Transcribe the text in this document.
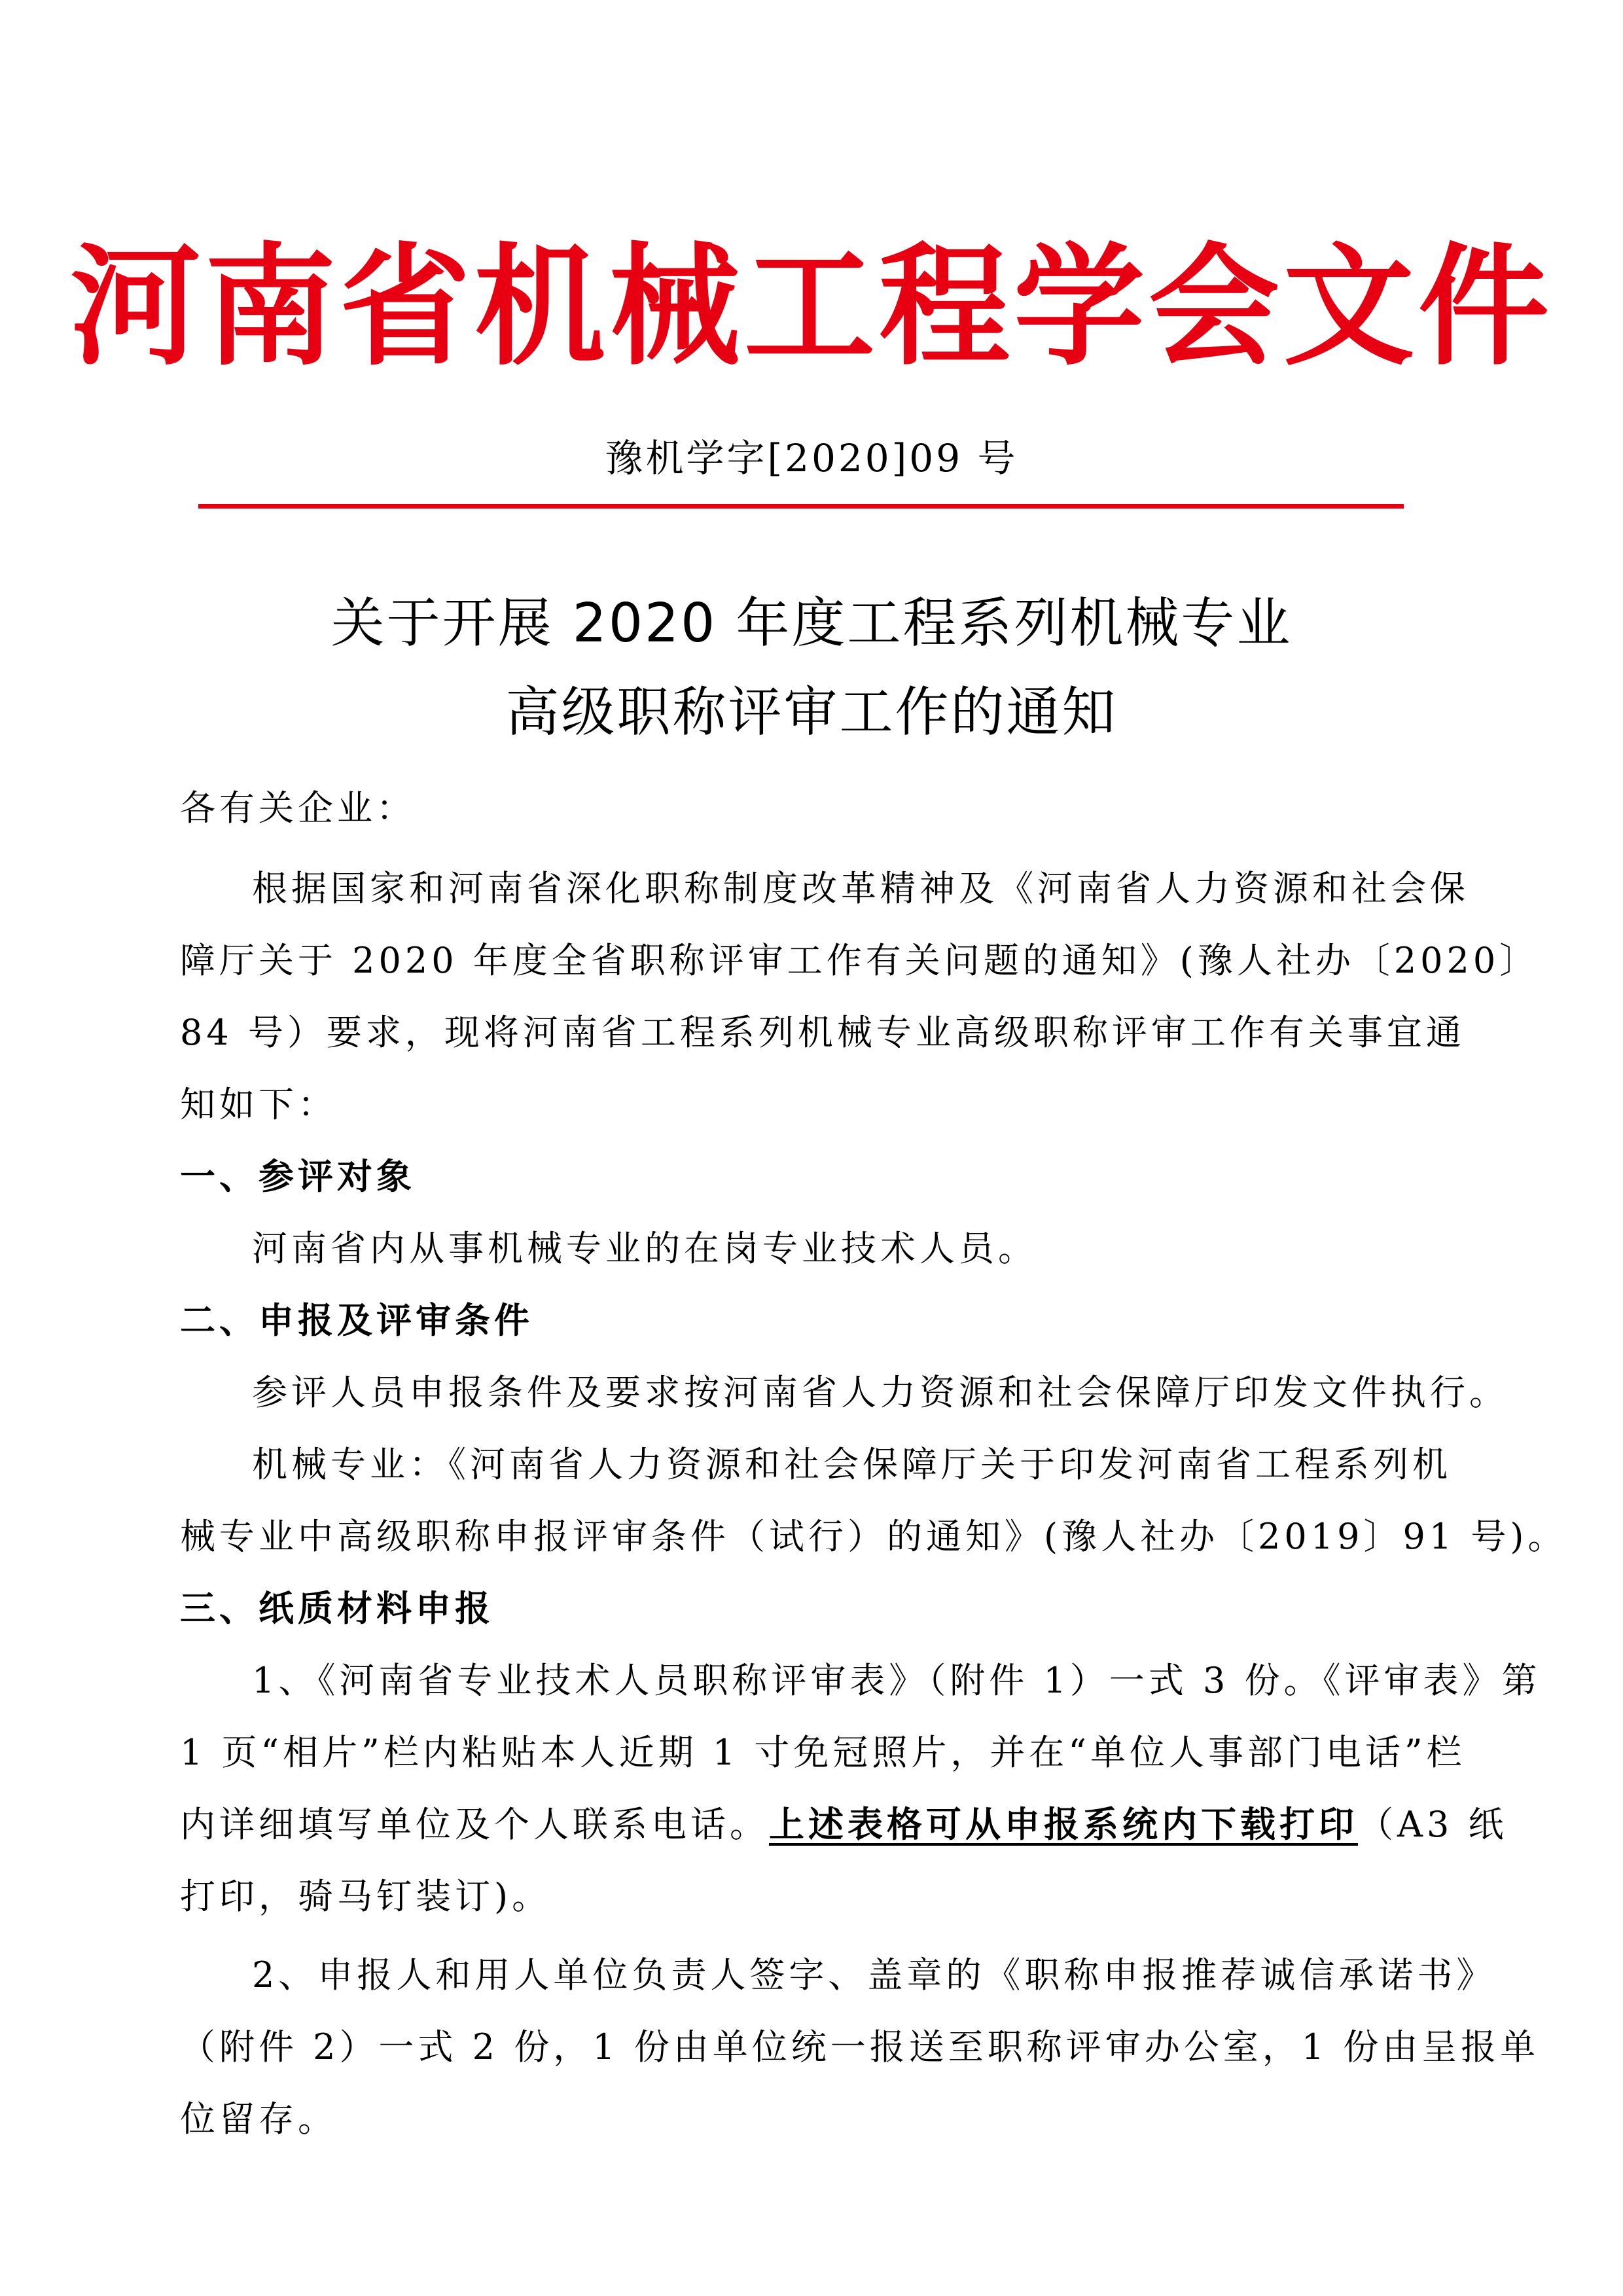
河南省机械工程学会文件
豫机学字[2020]09 号
关于开展 2020 年度工程系列机械专业
高级职称评审工作的通知
各有关企业：
根据国家和河南省深化职称制度改革精神及《河南省人力资源和社会保
障厅关于 2020 年度全省职称评审工作有关问题的通知》(豫人社办〔2020〕
84 号）要求，现将河南省工程系列机械专业高级职称评审工作有关事宜通
知如下：
一、参评对象
河南省内从事机械专业的在岗专业技术人员。
二、申报及评审条件
参评人员申报条件及要求按河南省人力资源和社会保障厅印发文件执行。
机械专业：《河南省人力资源和社会保障厅关于印发河南省工程系列机
械专业中高级职称申报评审条件（试行）的通知》(豫人社办〔2019〕91 号)。
三、纸质材料申报
1、《河南省专业技术人员职称评审表》（附件 1）一式 3 份。《评审表》第
1 页“相片”栏内粘贴本人近期 1 寸免冠照片，并在“单位人事部门电话”栏
内详细填写单位及个人联系电话。上述表格可从申报系统内下载打印（A3 纸
打印，骑马钉装订)。
2、申报人和用人单位负责人签字、盖章的《职称申报推荐诚信承诺书》
（附件 2）一式 2 份，1 份由单位统一报送至职称评审办公室，1 份由呈报单
位留存。
